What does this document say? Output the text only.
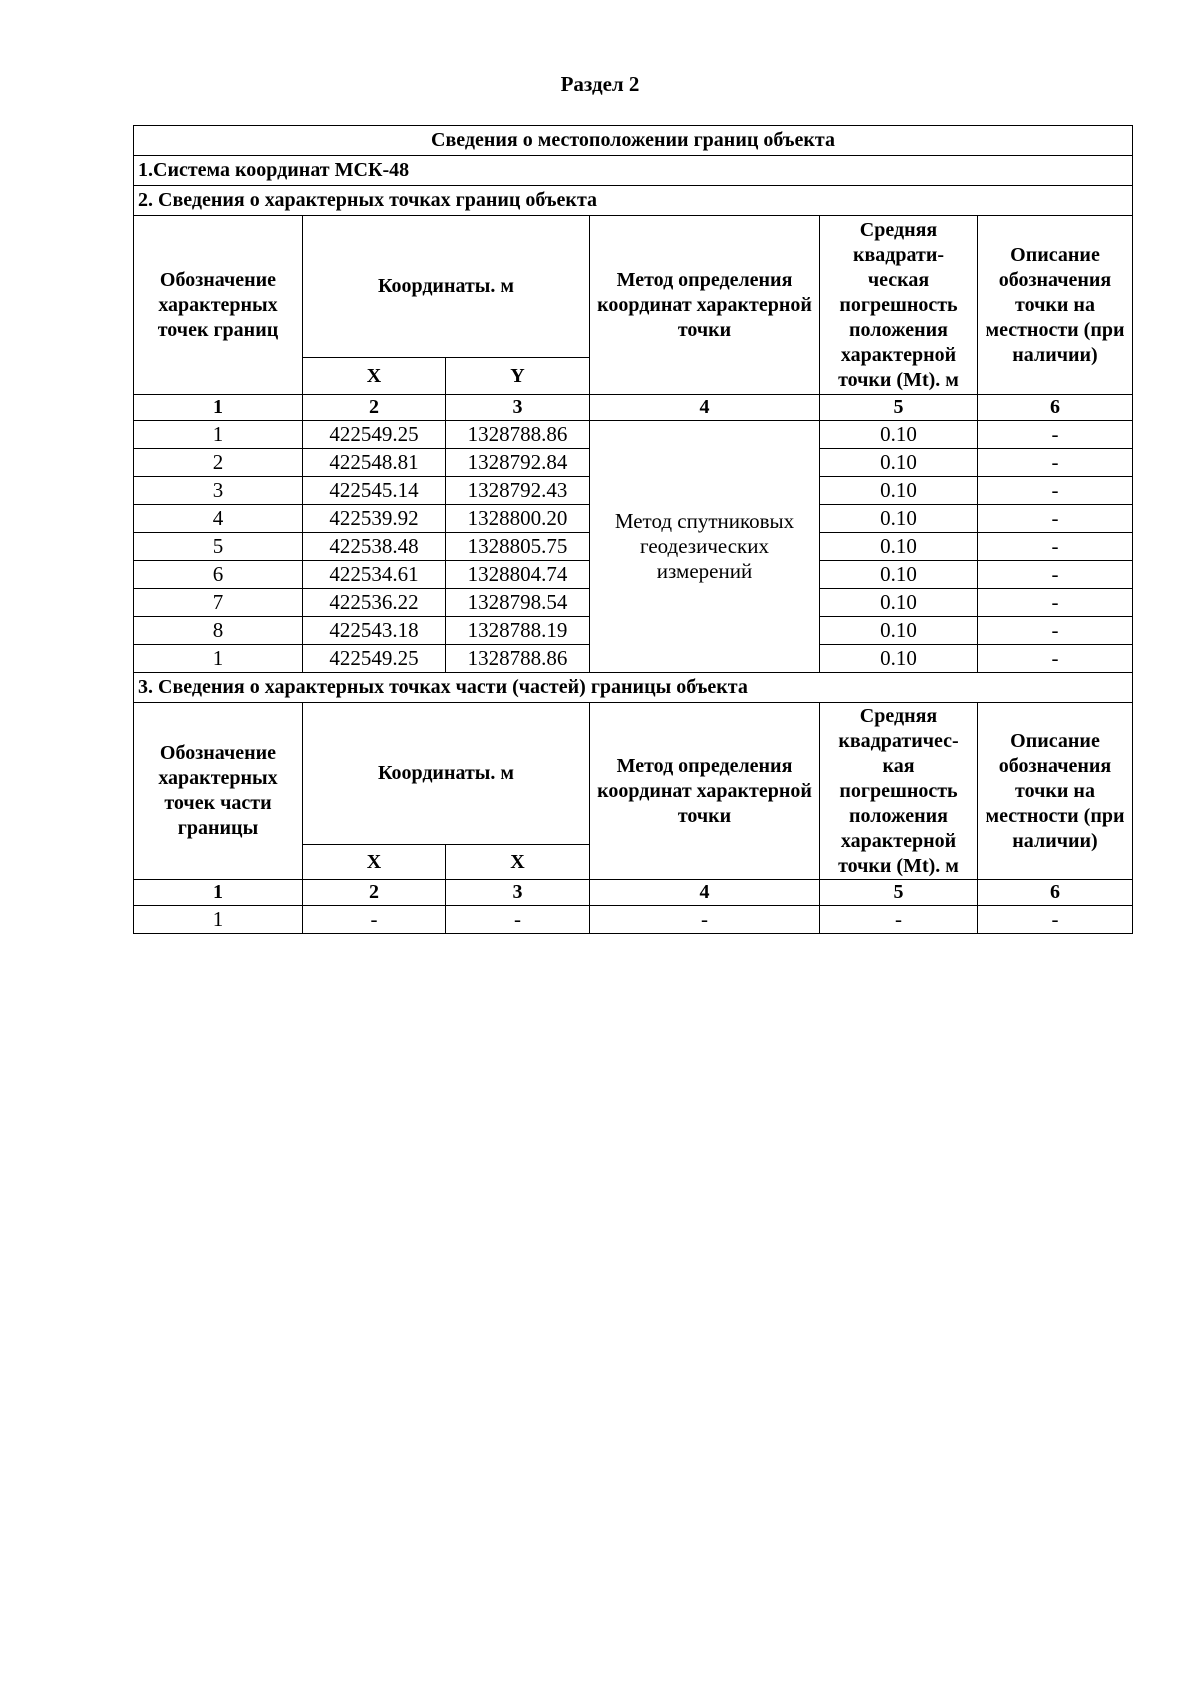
Раздел 2
Сведения о местоположении границ объекта					
1.Система координат МСК-48					
2. Сведения о характерных точках границ объекта					
Обозначение характерных точек границ	Координаты. м		Метод определения координат характерной точки	Средняя квадрати- ческая погрешность положения характерной точки (Mt). м	Описание обозначения точки на местности (при наличии)
	X	Y			
1	2	3	4	5	6
1	422549.25	1328788.86	Метод спутниковых геодезических измерений	0.10	-
2	422548.81	1328792.84		0.10	-
3	422545.14	1328792.43		0.10	-
4	422539.92	1328800.20		0.10	-
5	422538.48	1328805.75		0.10	-
6	422534.61	1328804.74		0.10	-
7	422536.22	1328798.54		0.10	-
8	422543.18	1328788.19		0.10	-
1	422549.25	1328788.86		0.10	-
3. Сведения о характерных точках части (частей) границы объекта					
Обозначение характерных точек части границы	Координаты. м		Метод определения координат характерной точки	Средняя квадратичес- кая погрешность положения характерной точки (Mt). м	Описание обозначения точки на местности (при наличии)
	X	X			
1	2	3	4	5	6
1	-	-	-	-	-
